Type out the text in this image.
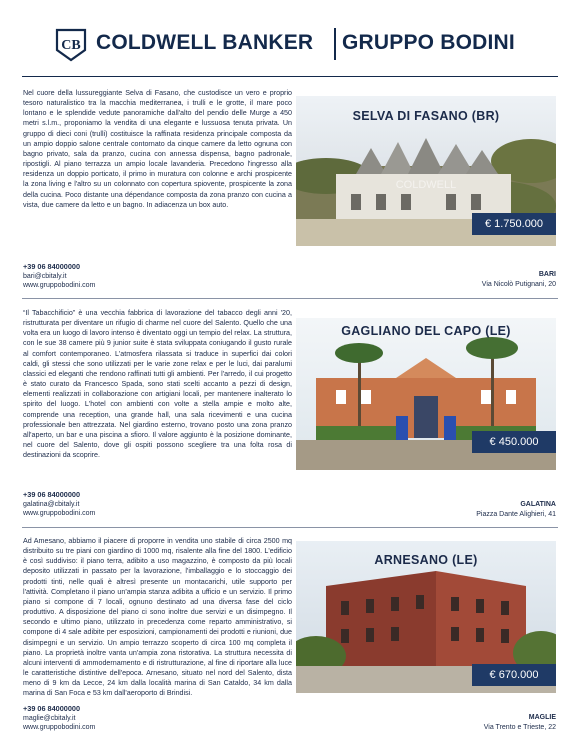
CB COLDWELL BANKER GRUPPO BODINI
Nel cuore della lussureggiante Selva di Fasano, che custodisce un vero e proprio tesoro naturalistico tra la macchia mediterranea, i trulli e le grotte, il mare poco lontano e le splendide vedute panoramiche dall'alto del pendio delle Murge a 450 metri s.l.m., proponiamo la vendita di una elegante e lussuosa tenuta privata. Un gruppo di dieci coni (trulli) costituisce la raffinata residenza principale composta da un ampio doppio salone centrale contornato da cinque camere da letto ognuna con bagno privato, sala da pranzo, cucina con annessa dispensa, bagno padronale, ripostigli. Al piano terrazza un ampio locale lavanderia. Precedono l'ingresso alla residenza un doppio porticato, il primo in muratura con colonne e archi prospicente la zona living e l'altro su un colonnato con copertura spiovente, prospicente la zona della cucina. Poco distante una dépendance composta da zona pranzo con cucina a vista, due camere da letto e un bagno. In adiacenza un box auto.
COLDWELL
SELVA DI FASANO (BR)
€ 1.750.000
+39 06 84000000
bari@cbitaly.it
www.gruppobodini.com
BARI
Via Nicolò Putignani, 20
“Il Tabacchificio” è una vecchia fabbrica di lavorazione del tabacco degli anni '20, ristrutturata per diventare un rifugio di charme nel cuore del Salento. Quello che una volta era un luogo di lavoro intenso è diventato oggi un tempio del relax. La struttura, con le sue 38 camere più 9 junior suite è stata sviluppata coniugando il gusto rurale al comfort contemporaneo. L'atmosfera rilassata si traduce in superfici dai colori caldi, gli stessi che sono utilizzati per le varie zone relax e per le luci, dai paralumi classici ed eleganti che rendono raffinati tutti gli ambienti. Per l'arredo, il cui progetto è stato curato da Francesco Spada, sono stati scelti accanto a pezzi di design, elementi realizzati in collaborazione con artigiani locali, per mantenere inalterato lo spirito del luogo. L'hotel con ambienti con volte a stella ampie e molto alte, comprende una reception, una grande hall, una sala ricevimenti e una cucina professionale ben attrezzata. Nel giardino esterno, trovano posto una zona pranzo all'aperto, un bar e una piscina a sfioro. Il valore aggiunto è la posizione dominante, nel cuore del Salento, dove gli ospiti possono scegliere tra una folta rosa di destinazioni da scoprire.
GAGLIANO DEL CAPO (LE)
€ 450.000
+39 06 84000000
galatina@cbitaly.it
www.gruppobodini.com
GALATINA
Piazza Dante Alighieri, 41
Ad Amesano, abbiamo il piacere di proporre in vendita uno stabile di circa 2500 mq distribuito su tre piani con giardino di 1000 mq, risalente alla fine del 1800. L'edificio è così suddiviso: il piano terra, adibito a uso magazzino, è composto da più locali deposito utilizzati in passato per la lavorazione, l'imballaggio e lo stoccaggio dei prodotti tinti, nelle quali è altresì presente un montacarichi, utile supporto per l'attività. Completano il piano un'ampia stanza adibita a ufficio e un servizio. Il primo piano si compone di 7 locali, ognuno destinato ad una diversa fase del ciclo produttivo. A disposizione del piano ci sono inoltre due servizi e un disimpegno. Il secondo e ultimo piano, utilizzato in precedenza come reparto amministrativo, si compone di 4 sale adibite per esposizioni, campionamenti dei prodotti e riunioni, due disimpegni e un servizio. Un ampio terrazzo scoperto di circa 100 mq completa il piano. La proprietà inoltre vanta un'ampia zona ristorativa. La struttura necessita di alcuni interventi di ammodernamento e di ristrutturazione, al fine di riportare alla luce le caratteristiche distintive dell'epoca. Arnesano, situato nel nord del Salento, dista meno di 9 km da Lecce, 24 km dalla località marina di San Cataldo, 34 km dalla marina di San Foca e 53 km dall'aeroporto di Brindisi.
ARNESANO (LE)
€ 670.000
+39 06 84000000
maglie@cbitaly.it
www.gruppobodini.com
MAGLIE
Via Trento e Trieste, 22
